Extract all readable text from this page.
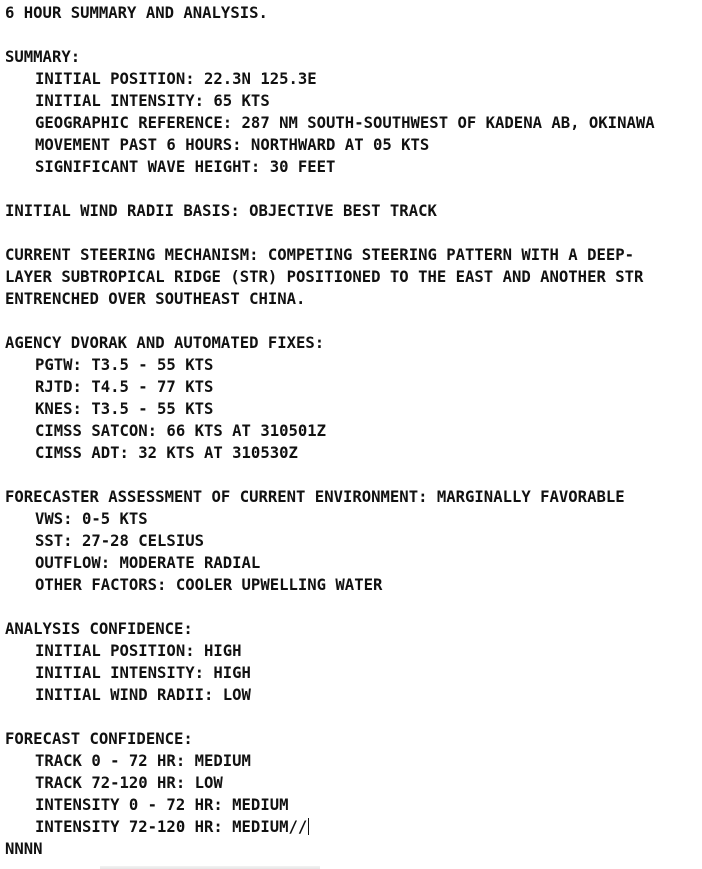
6 HOUR SUMMARY AND ANALYSIS.
SUMMARY:
INITIAL POSITION: 22.3N 125.3E
INITIAL INTENSITY: 65 KTS
GEOGRAPHIC REFERENCE: 287 NM SOUTH-SOUTHWEST OF KADENA AB, OKINAWA
MOVEMENT PAST 6 HOURS: NORTHWARD AT 05 KTS
SIGNIFICANT WAVE HEIGHT: 30 FEET
INITIAL WIND RADII BASIS: OBJECTIVE BEST TRACK
CURRENT STEERING MECHANISM: COMPETING STEERING PATTERN WITH A DEEP-
LAYER SUBTROPICAL RIDGE (STR) POSITIONED TO THE EAST AND ANOTHER STR
ENTRENCHED OVER SOUTHEAST CHINA.
AGENCY DVORAK AND AUTOMATED FIXES:
PGTW: T3.5 - 55 KTS
RJTD: T4.5 - 77 KTS
KNES: T3.5 - 55 KTS
CIMSS SATCON: 66 KTS AT 310501Z
CIMSS ADT: 32 KTS AT 310530Z
FORECASTER ASSESSMENT OF CURRENT ENVIRONMENT: MARGINALLY FAVORABLE
VWS: 0-5 KTS
SST: 27-28 CELSIUS
OUTFLOW: MODERATE RADIAL
OTHER FACTORS: COOLER UPWELLING WATER
ANALYSIS CONFIDENCE:
INITIAL POSITION: HIGH
INITIAL INTENSITY: HIGH
INITIAL WIND RADII: LOW
FORECAST CONFIDENCE:
TRACK 0 - 72 HR: MEDIUM
TRACK 72-120 HR: LOW
INTENSITY 0 - 72 HR: MEDIUM
INTENSITY 72-120 HR: MEDIUM//
NNNN
